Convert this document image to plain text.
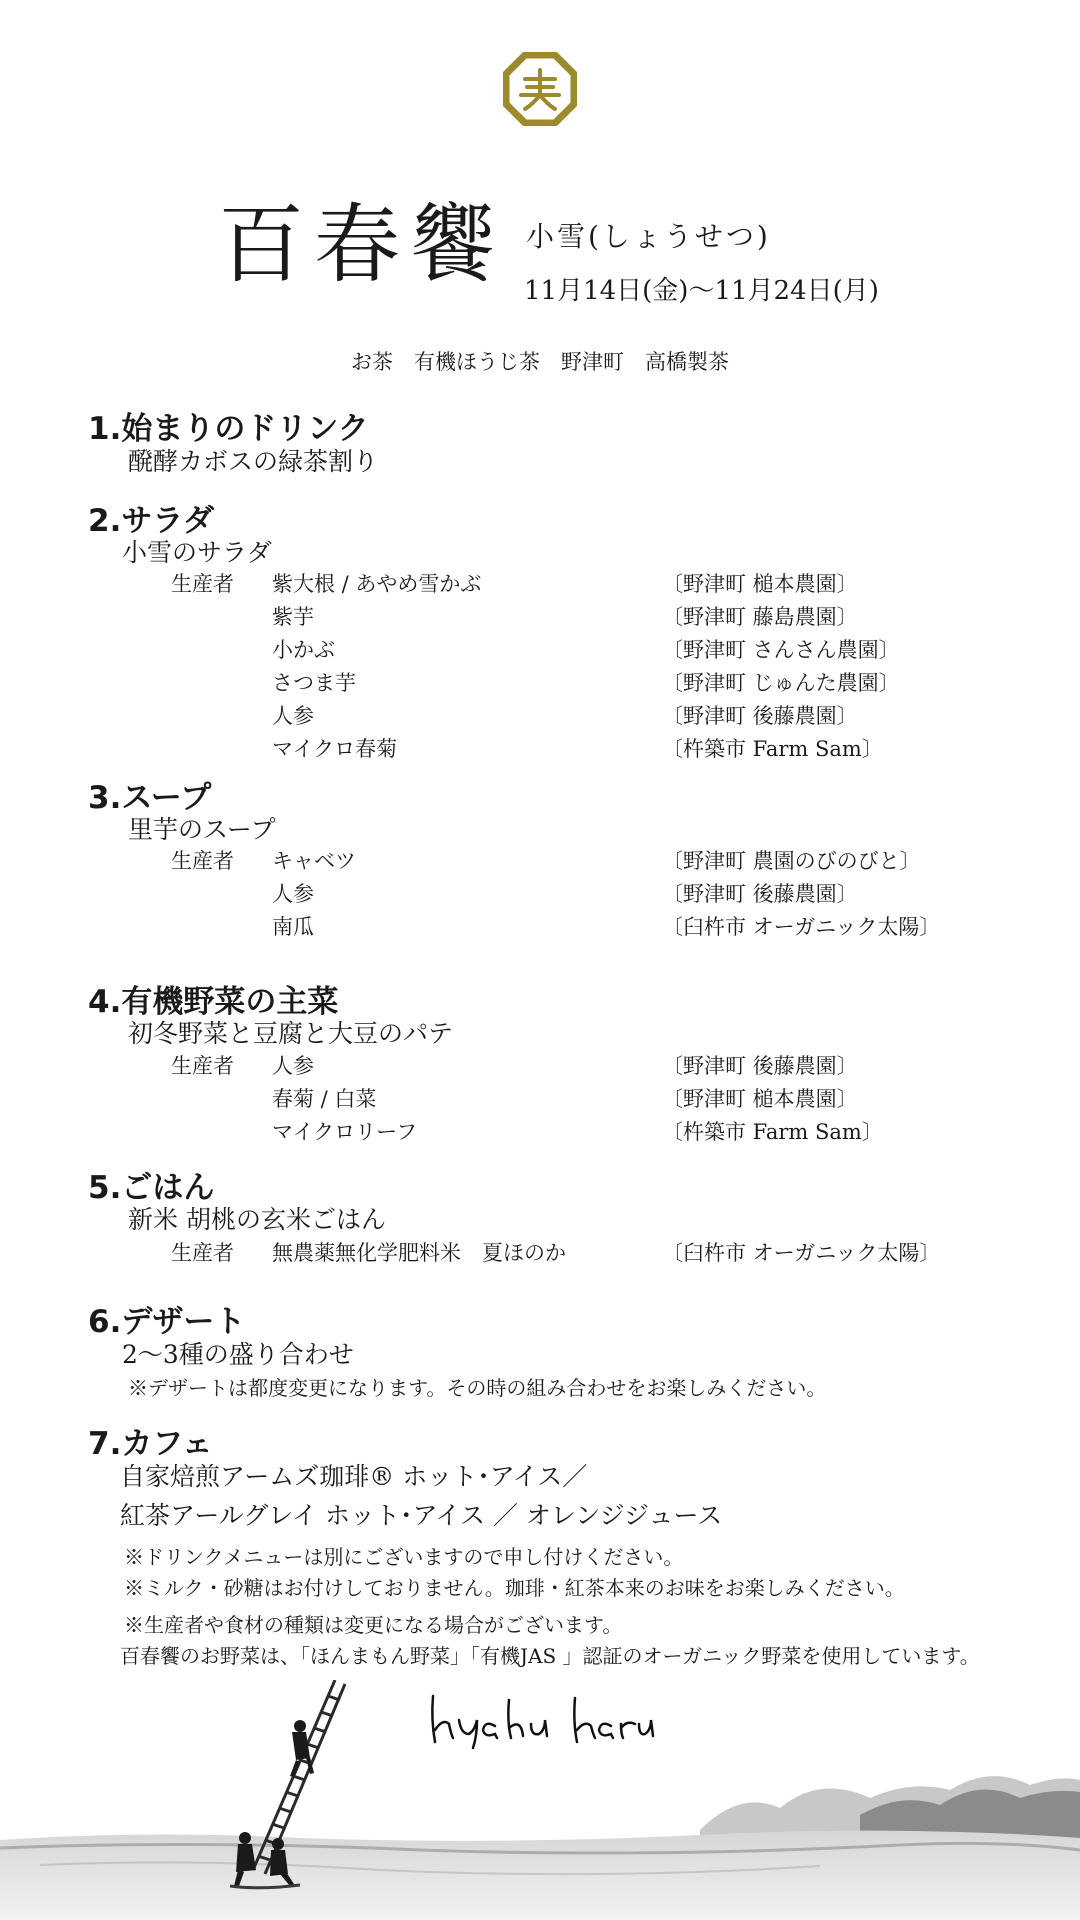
百春饗 小雪(しょうせつ)
11月14日(金)〜11月24日(月)
お茶　有機ほうじ茶　野津町　高橋製茶
1.始まりのドリンク
醗酵カボスの緑茶割り
2.サラダ
小雪のサラダ
生産者 紫大根 / あやめ雪かぶ	〔野津町 槌本農園〕
紫芋	〔野津町 藤島農園〕
小かぶ	〔野津町 さんさん農園〕
さつま芋	〔野津町 じゅんた農園〕
人参	〔野津町 後藤農園〕
マイクロ春菊	〔杵築市 Farm Sam〕
3.スープ
里芋のスープ
生産者 キャベツ	〔野津町 農園のびのびと〕
人参	〔野津町 後藤農園〕
南瓜	〔臼杵市 オーガニック太陽〕
4.有機野菜の主菜
初冬野菜と豆腐と大豆のパテ
生産者 人参	〔野津町 後藤農園〕
春菊 / 白菜	〔野津町 槌本農園〕
マイクロリーフ	〔杵築市 Farm Sam〕
5.ごはん
新米 胡桃の玄米ごはん
生産者 無農薬無化学肥料米　夏ほのか	〔臼杵市 オーガニック太陽〕
6.デザート
2〜3種の盛り合わせ
※デザートは都度変更になります。その時の組み合わせをお楽しみください。
7.カフェ
自家焙煎アームズ珈琲® ホット･アイス／
紅茶アールグレイ ホット･アイス ／ オレンジジュース
※ドリンクメニューは別にございますので申し付けください。
※ミルク・砂糖はお付けしておりません。珈琲・紅茶本来のお味をお楽しみください。
※生産者や食材の種類は変更になる場合がございます。
百春饗のお野菜は、「ほんまもん野菜」「有機JAS 」認証のオーガニック野菜を使用しています。
